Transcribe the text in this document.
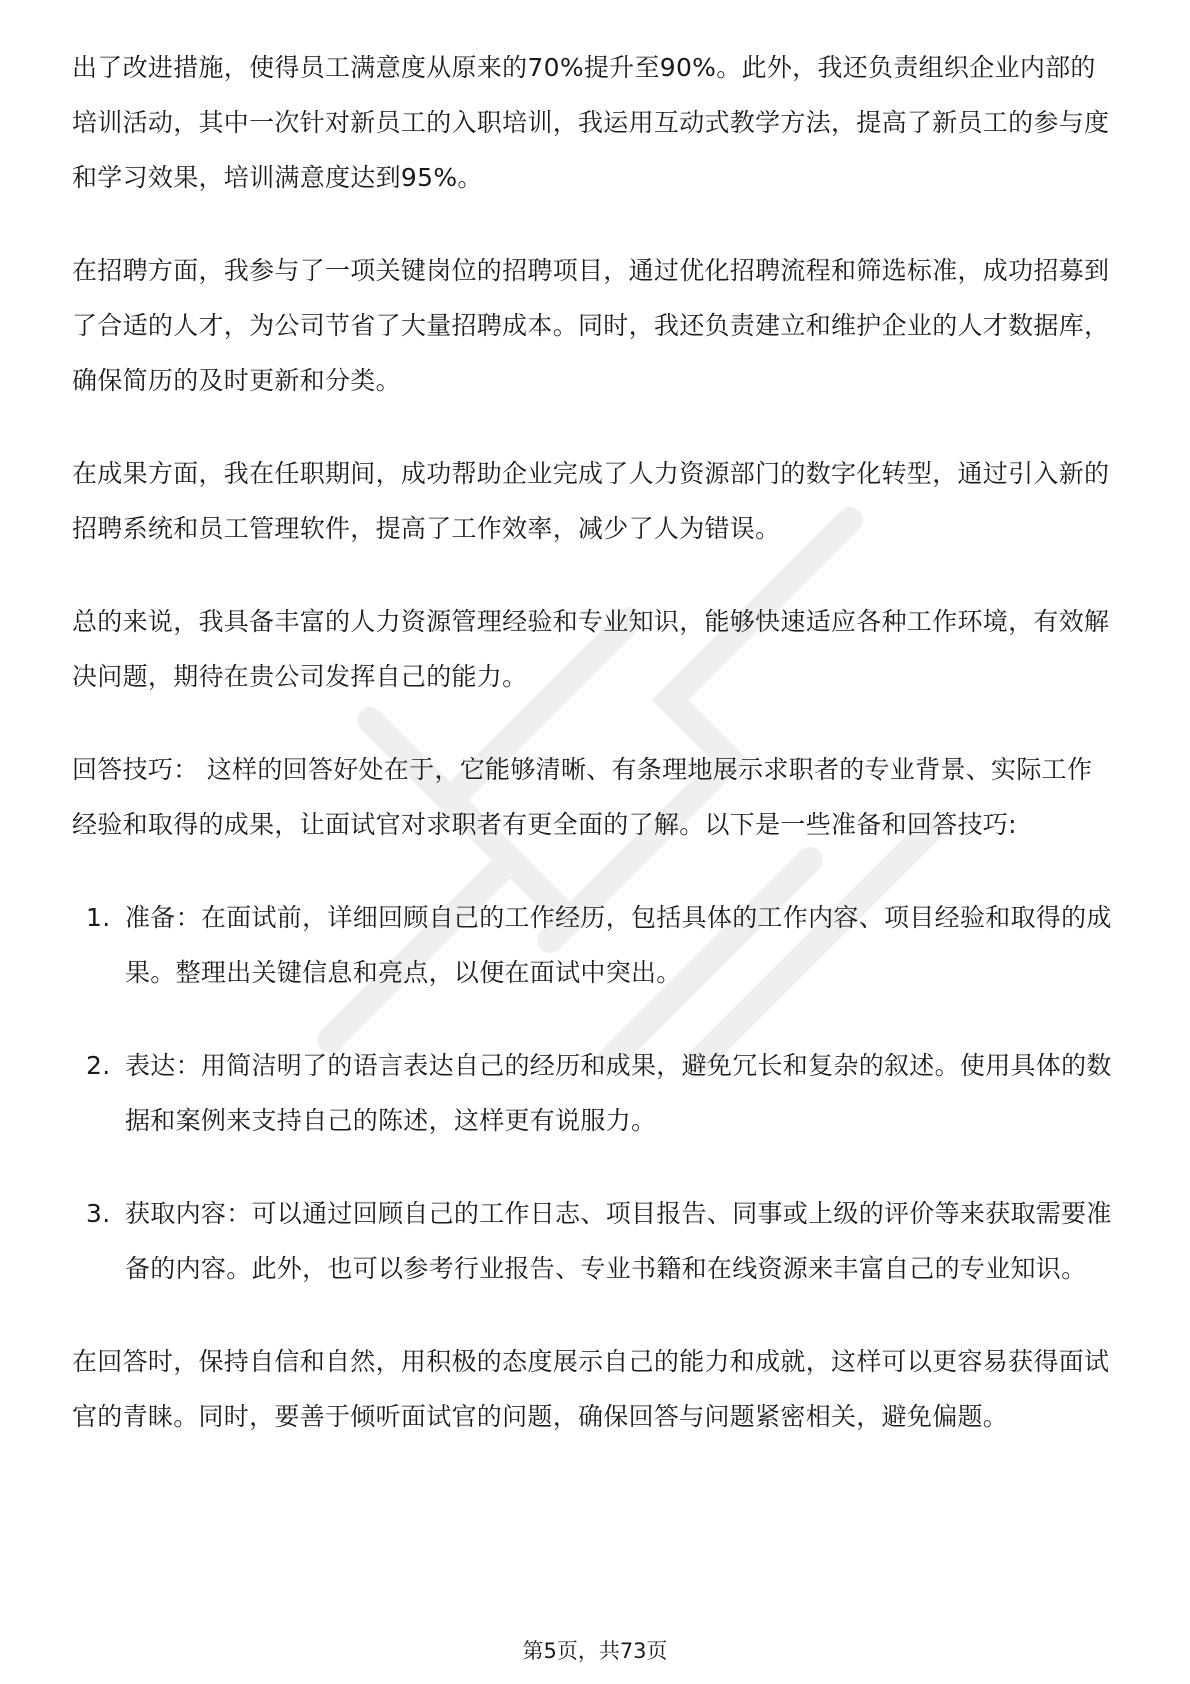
出了改进措施，使得员工满意度从原来的70%提升至90%。此外，我还负责组织企业内部的培训活动，其中一次针对新员工的入职培训，我运用互动式教学方法，提高了新员工的参与度和学习效果，培训满意度达到95%。

在招聘方面，我参与了一项关键岗位的招聘项目，通过优化招聘流程和筛选标准，成功招募到了合适的人才，为公司节省了大量招聘成本。同时，我还负责建立和维护企业的人才数据库，确保简历的及时更新和分类。

在成果方面，我在任职期间，成功帮助企业完成了人力资源部门的数字化转型，通过引入新的招聘系统和员工管理软件，提高了工作效率，减少了人为错误。

总的来说，我具备丰富的人力资源管理经验和专业知识，能够快速适应各种工作环境，有效解决问题，期待在贵公司发挥自己的能力。

回答技巧： 这样的回答好处在于，它能够清晰、有条理地展示求职者的专业背景、实际工作经验和取得的成果，让面试官对求职者有更全面的了解。以下是一些准备和回答技巧:

1. 准备：在面试前，详细回顾自己的工作经历，包括具体的工作内容、项目经验和取得的成果。整理出关键信息和亮点，以便在面试中突出。
2. 表达：用简洁明了的语言表达自己的经历和成果，避免冗长和复杂的叙述。使用具体的数据和案例来支持自己的陈述，这样更有说服力。
3. 获取内容：可以通过回顾自己的工作日志、项目报告、同事或上级的评价等来获取需要准备的内容。此外，也可以参考行业报告、专业书籍和在线资源来丰富自己的专业知识。

在回答时，保持自信和自然，用积极的态度展示自己的能力和成就，这样可以更容易获得面试官的青睐。同时，要善于倾听面试官的问题，确保回答与问题紧密相关，避免偏题。

第5页，共73页
